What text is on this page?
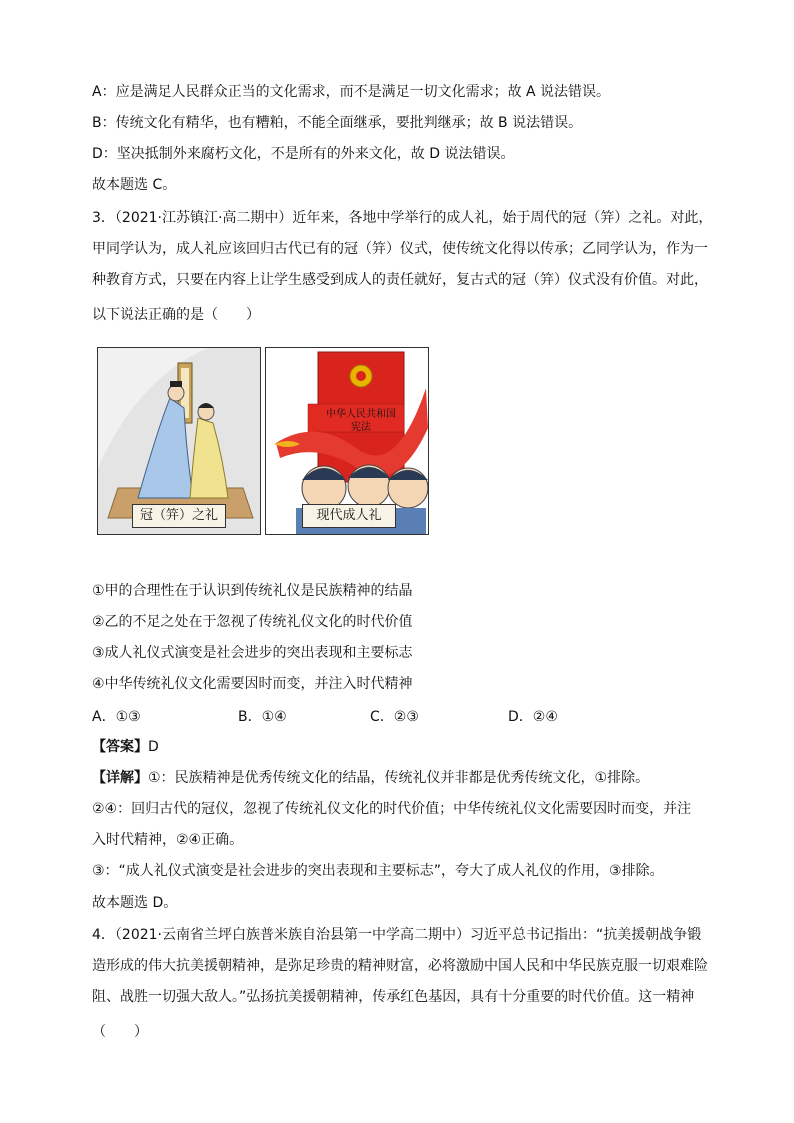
A：应是满足人民群众正当的文化需求，而不是满足一切文化需求；故 A 说法错误。
B：传统文化有精华，也有糟粕，不能全面继承，要批判继承；故 B 说法错误。
D：坚决抵制外来腐朽文化，不是所有的外来文化，故 D 说法错误。
故本题选 C。
3．（2021·江苏镇江·高二期中）近年来，各地中学举行的成人礼，始于周代的冠（笄）之礼。对此，
甲同学认为，成人礼应该回归古代已有的冠（笄）仪式，使传统文化得以传承；乙同学认为，作为一
种教育方式，只要在内容上让学生感受到成人的责任就好，复古式的冠（笄）仪式没有价值。对此，
以下说法正确的是（　　）
冠（笄）之礼
中华人民共和国
宪法
现代成人礼
①甲的合理性在于认识到传统礼仪是民族精神的结晶
②乙的不足之处在于忽视了传统礼仪文化的时代价值
③成人礼仪式演变是社会进步的突出表现和主要标志
④中华传统礼仪文化需要因时而变，并注入时代精神
A．①③	B．①④	C．②③	D．②④
【答案】D
【详解】①：民族精神是优秀传统文化的结晶，传统礼仪并非都是优秀传统文化，①排除。
②④：回归古代的冠仪，忽视了传统礼仪文化的时代价值；中华传统礼仪文化需要因时而变，并注
入时代精神，②④正确。
③：“成人礼仪式演变是社会进步的突出表现和主要标志”，夸大了成人礼仪的作用，③排除。
故本题选 D。
4．（2021·云南省兰坪白族普米族自治县第一中学高二期中）习近平总书记指出：“抗美援朝战争锻
造形成的伟大抗美援朝精神，是弥足珍贵的精神财富，必将激励中国人民和中华民族克服一切艰难险
阻、战胜一切强大敌人。”弘扬抗美援朝精神，传承红色基因，具有十分重要的时代价值。这一精神
（　　）
